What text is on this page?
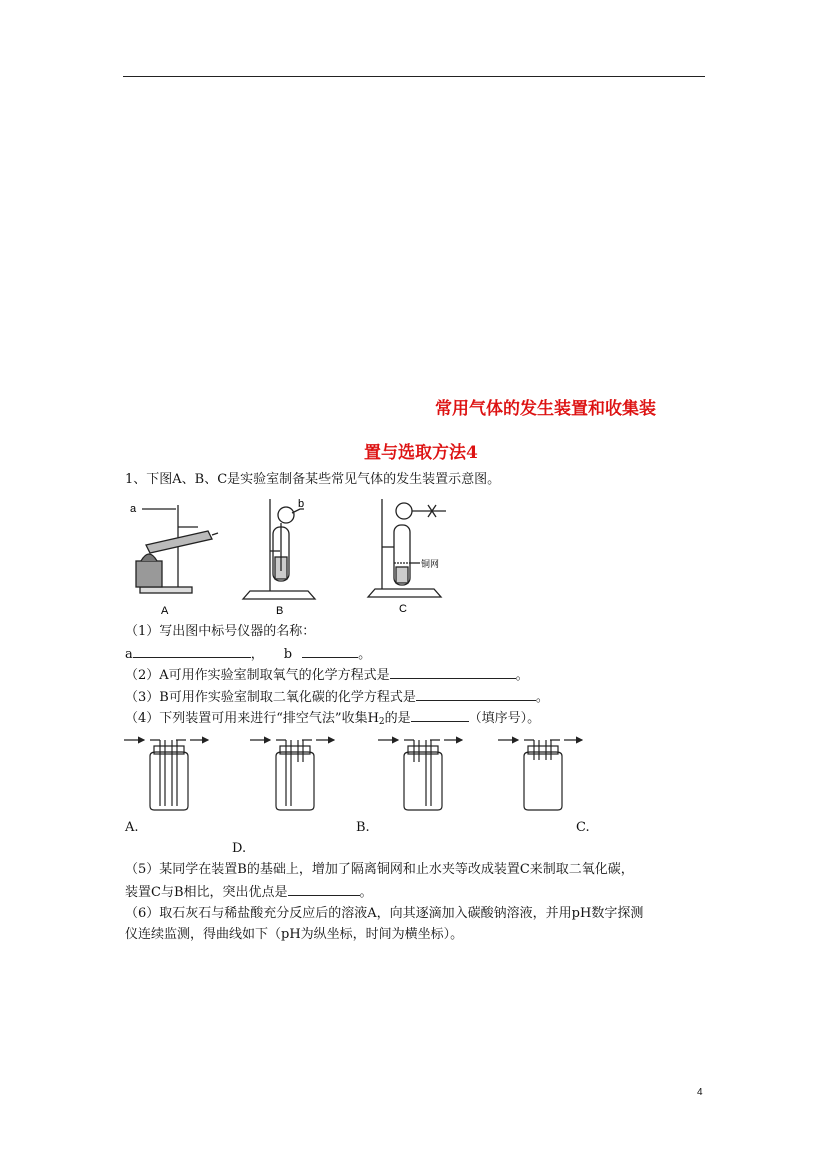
常用气体的发生装置和收集装
置与选取方法4
1、下图A、B、C是实验室制备某些常见气体的发生装置示意图。
a
A
b
B
铜网
C
（1）写出图中标号仪器的名称：
a	， b	。
（2）A可用作实验室制取氧气的化学方程式是	。
（3）B可用作实验室制取二氧化碳的化学方程式是	。
（4）下列装置可用来进行“排空气法”收集$H_2$的是	（填序号）。
A.	B.	C.
D.
（5）某同学在装置B的基础上，增加了隔离铜网和止水夹等改成装置C来制取二氧化碳，
装置C与B相比，突出优点是	。
（6）取石灰石与稀盐酸充分反应后的溶液A，向其逐滴加入碳酸钠溶液，并用pH数字探测
仪连续监测，得曲线如下（pH为纵坐标，时间为横坐标）。
4
